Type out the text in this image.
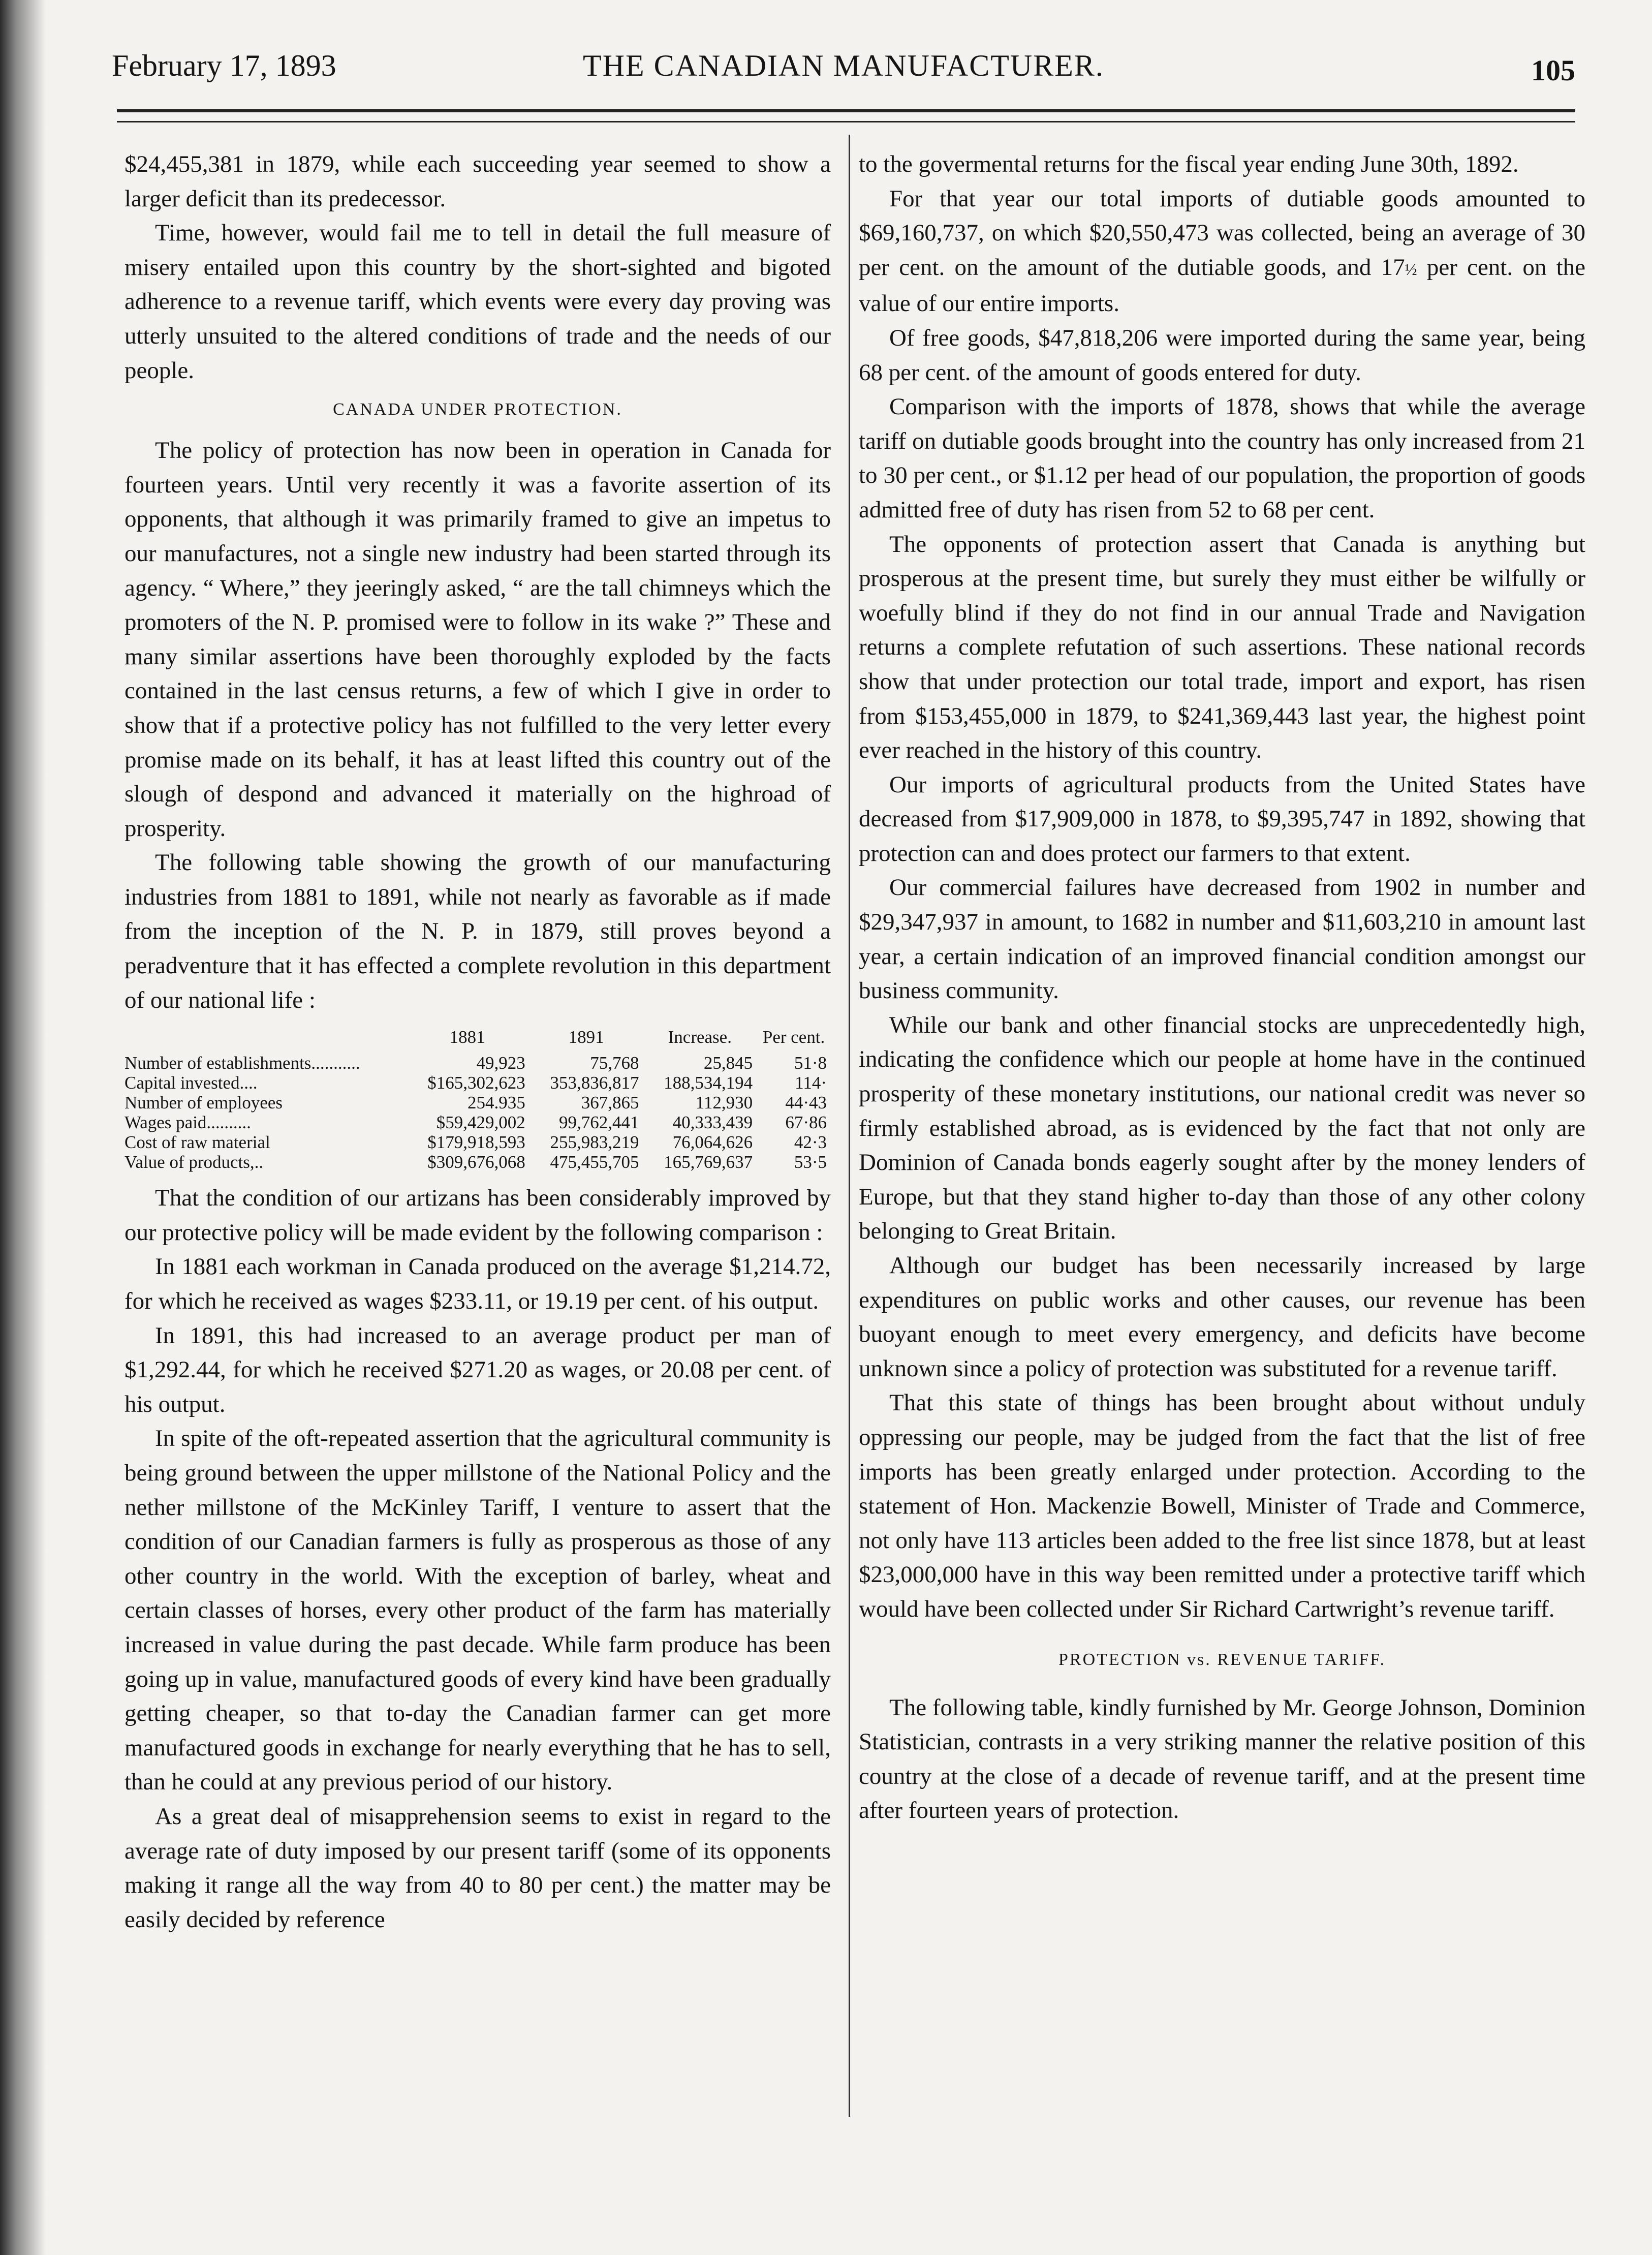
February 17, 1893	THE CANADIAN MANUFACTURER.	105

$24,455,381 in 1879, while each succeeding year seemed to show a larger deficit than its predecessor.

Time, however, would fail me to tell in detail the full measure of misery entailed upon this country by the short-sighted and bigoted adherence to a revenue tariff, which events were every day proving was utterly unsuited to the altered conditions of trade and the needs of our people.

CANADA UNDER PROTECTION.

The policy of protection has now been in operation in Canada for fourteen years. Until very recently it was a favorite assertion of its opponents, that although it was primarily framed to give an impetus to our manufactures, not a single new industry had been started through its agency. “ Where,” they jeeringly asked, “ are the tall chimneys which the promoters of the N. P. promised were to follow in its wake ?” These and many similar assertions have been thoroughly exploded by the facts contained in the last census returns, a few of which I give in order to show that if a protective policy has not fulfilled to the very letter every promise made on its behalf, it has at least lifted this country out of the slough of despond and advanced it materially on the highroad of prosperity.

The following table showing the growth of our manufacturing industries from 1881 to 1891, while not nearly as favorable as if made from the inception of the N. P. in 1879, still proves beyond a peradventure that it has effected a complete revolution in this department of our national life :

	1881	1891	Increase.	Per cent.
Number of establishments...........	49,923	75,768	25,845	51·8
Capital invested....	$165,302,623	353,836,817	188,534,194	114·
Number of employees	254.935	367,865	112,930	44·43
Wages paid..........	$59,429,002	99,762,441	40,333,439	67·86
Cost of raw material	$179,918,593	255,983,219	76,064,626	42·3
Value of products,..	$309,676,068	475,455,705	165,769,637	53·5

That the condition of our artizans has been considerably improved by our protective policy will be made evident by the following comparison :

In 1881 each workman in Canada produced on the average $1,214.72, for which he received as wages $233.11, or 19.19 per cent. of his output.

In 1891, this had increased to an average product per man of $1,292.44, for which he received $271.20 as wages, or 20.08 per cent. of his output.

In spite of the oft-repeated assertion that the agricultural community is being ground between the upper millstone of the National Policy and the nether millstone of the McKinley Tariff, I venture to assert that the condition of our Canadian farmers is fully as prosperous as those of any other country in the world. With the exception of barley, wheat and certain classes of horses, every other product of the farm has materially increased in value during the past decade. While farm produce has been going up in value, manufactured goods of every kind have been gradually getting cheaper, so that to-day the Canadian farmer can get more manufactured goods in exchange for nearly everything that he has to sell, than he could at any previous period of our history.

As a great deal of misapprehension seems to exist in regard to the average rate of duty imposed by our present tariff (some of its opponents making it range all the way from 40 to 80 per cent.) the matter may be easily decided by reference

to the govermental returns for the fiscal year ending June 30th, 1892.

For that year our total imports of dutiable goods amounted to $69,160,737, on which $20,550,473 was collected, being an average of 30 per cent. on the amount of the dutiable goods, and 17½ per cent. on the value of our entire imports.

Of free goods, $47,818,206 were imported during the same year, being 68 per cent. of the amount of goods entered for duty.

Comparison with the imports of 1878, shows that while the average tariff on dutiable goods brought into the country has only increased from 21 to 30 per cent., or $1.12 per head of our population, the proportion of goods admitted free of duty has risen from 52 to 68 per cent.

The opponents of protection assert that Canada is anything but prosperous at the present time, but surely they must either be wilfully or woefully blind if they do not find in our annual Trade and Navigation returns a complete refutation of such assertions. These national records show that under protection our total trade, import and export, has risen from $153,455,000 in 1879, to $241,369,443 last year, the highest point ever reached in the history of this country.

Our imports of agricultural products from the United States have decreased from $17,909,000 in 1878, to $9,395,747 in 1892, showing that protection can and does protect our farmers to that extent.

Our commercial failures have decreased from 1902 in number and $29,347,937 in amount, to 1682 in number and $11,603,210 in amount last year, a certain indication of an improved financial condition amongst our business community.

While our bank and other financial stocks are unprecedentedly high, indicating the confidence which our people at home have in the continued prosperity of these monetary institutions, our national credit was never so firmly established abroad, as is evidenced by the fact that not only are Dominion of Canada bonds eagerly sought after by the money lenders of Europe, but that they stand higher to-day than those of any other colony belonging to Great Britain.

Although our budget has been necessarily increased by large expenditures on public works and other causes, our revenue has been buoyant enough to meet every emergency, and deficits have become unknown since a policy of protection was substituted for a revenue tariff.

That this state of things has been brought about without unduly oppressing our people, may be judged from the fact that the list of free imports has been greatly enlarged under protection. According to the statement of Hon. Mackenzie Bowell, Minister of Trade and Commerce, not only have 113 articles been added to the free list since 1878, but at least $23,000,000 have in this way been remitted under a protective tariff which would have been collected under Sir Richard Cartwright’s revenue tariff.

PROTECTION vs. REVENUE TARIFF.

The following table, kindly furnished by Mr. George Johnson, Dominion Statistician, contrasts in a very striking manner the relative position of this country at the close of a decade of revenue tariff, and at the present time after fourteen years of protection.
